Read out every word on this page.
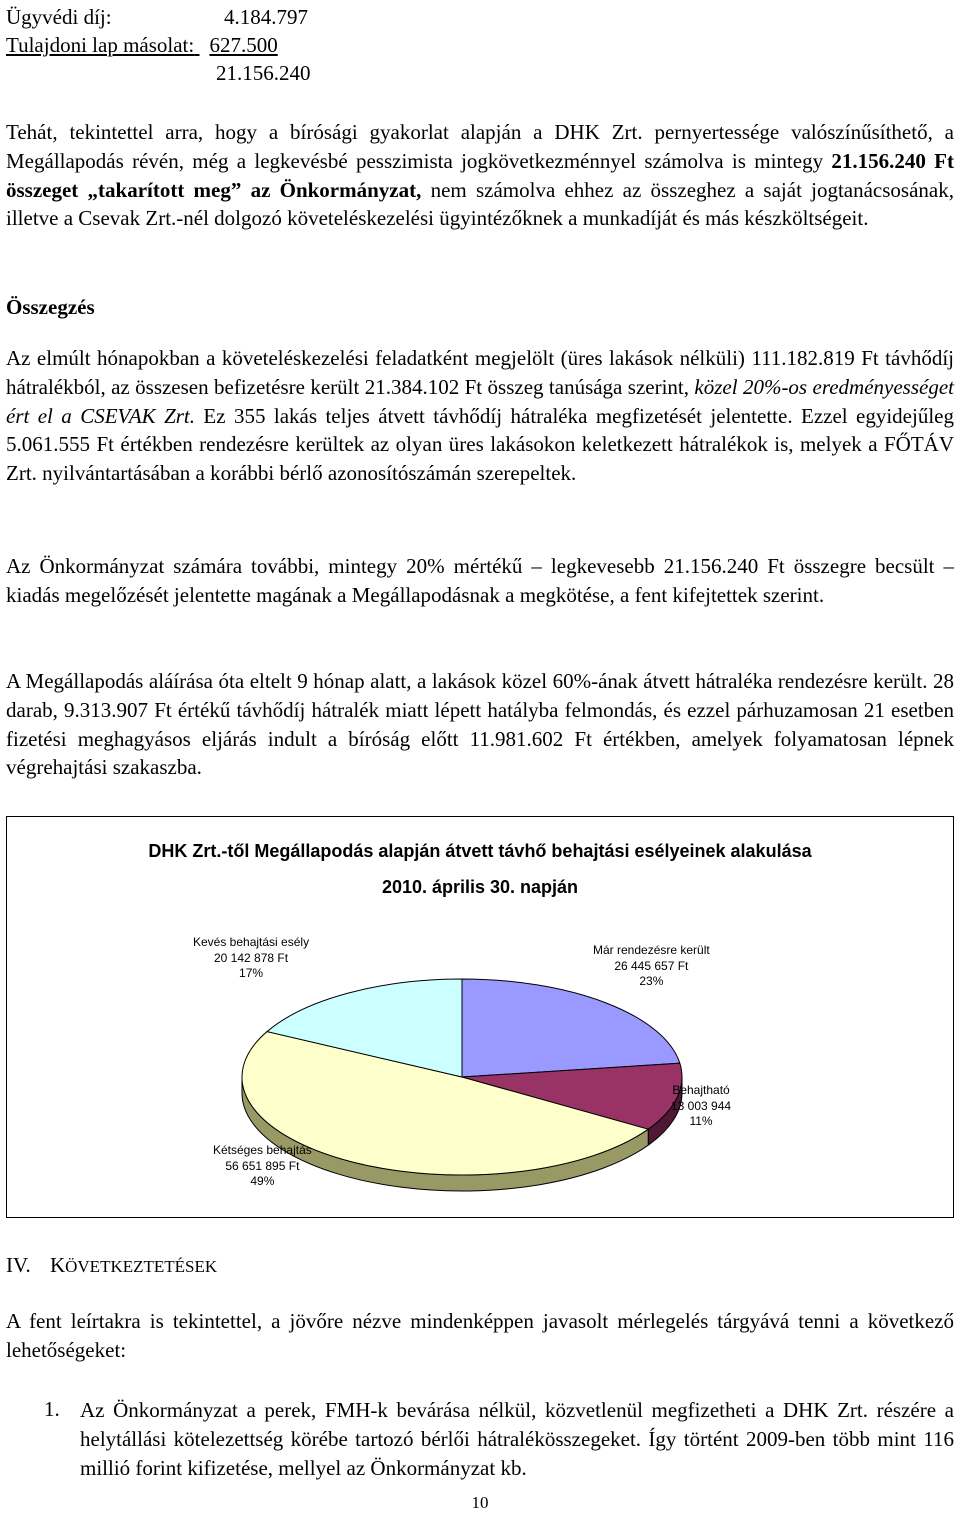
Ügyvédi díj:	4.184.797
Tulajdoni lap másolat: 627.500
21.156.240
Tehát, tekintettel arra, hogy a bírósági gyakorlat alapján a DHK Zrt. pernyertessége valószínűsíthető, a Megállapodás révén, még a legkevésbé pesszimista jogkövetkezménnyel számolva is mintegy 21.156.240 Ft összeget „takarított meg” az Önkormányzat, nem számolva ehhez az összeghez a saját jogtanácsosának, illetve a Csevak Zrt.-nél dolgozó követeléskezelési ügyintézőknek a munkadíját és más készköltségeit.
Összegzés
Az elmúlt hónapokban a követeléskezelési feladatként megjelölt (üres lakások nélküli) 111.182.819 Ft távhődíj hátralékból, az összesen befizetésre került 21.384.102 Ft összeg tanúsága szerint, közel 20%-os eredményességet ért el a CSEVAK Zrt. Ez 355 lakás teljes átvett távhődíj hátraléka megfizetését jelentette. Ezzel egyidejűleg 5.061.555 Ft értékben rendezésre kerültek az olyan üres lakásokon keletkezett hátralékok is, melyek a FŐTÁV Zrt. nyilvántartásában a korábbi bérlő azonosítószámán szerepeltek.
Az Önkormányzat számára további, mintegy 20% mértékű – legkevesebb 21.156.240 Ft összegre becsült – kiadás megelőzését jelentette magának a Megállapodásnak a megkötése, a fent kifejtettek szerint.
A Megállapodás aláírása óta eltelt 9 hónap alatt, a lakások közel 60%-ának átvett hátraléka rendezésre került. 28 darab, 9.313.907 Ft értékű távhődíj hátralék miatt lépett hatályba felmondás, és ezzel párhuzamosan 21 esetben fizetési meghagyásos eljárás indult a bíróság előtt 11.981.602 Ft értékben, amelyek folyamatosan lépnek végrehajtási szakaszba.
DHK Zrt.-től Megállapodás alapján átvett távhő behajtási esélyeinek alakulása
2010. április 30. napján
Kevés behajtási esély
20 142 878 Ft
17%
Már rendezésre került
26 445 657 Ft
23%
Behajtható
13 003 944
11%
Kétséges behajtás
56 651 895 Ft
49%
IV. KÖVETKEZTETÉSEK
A fent leírtakra is tekintettel, a jövőre nézve mindenképpen javasolt mérlegelés tárgyává tenni a következő lehetőségeket:
1. Az Önkormányzat a perek, FMH-k bevárása nélkül, közvetlenül megfizetheti a DHK Zrt. részére a helytállási kötelezettség körébe tartozó bérlői hátralékösszegeket. Így történt 2009-ben több mint 116 millió forint kifizetése, mellyel az Önkormányzat kb.
10
